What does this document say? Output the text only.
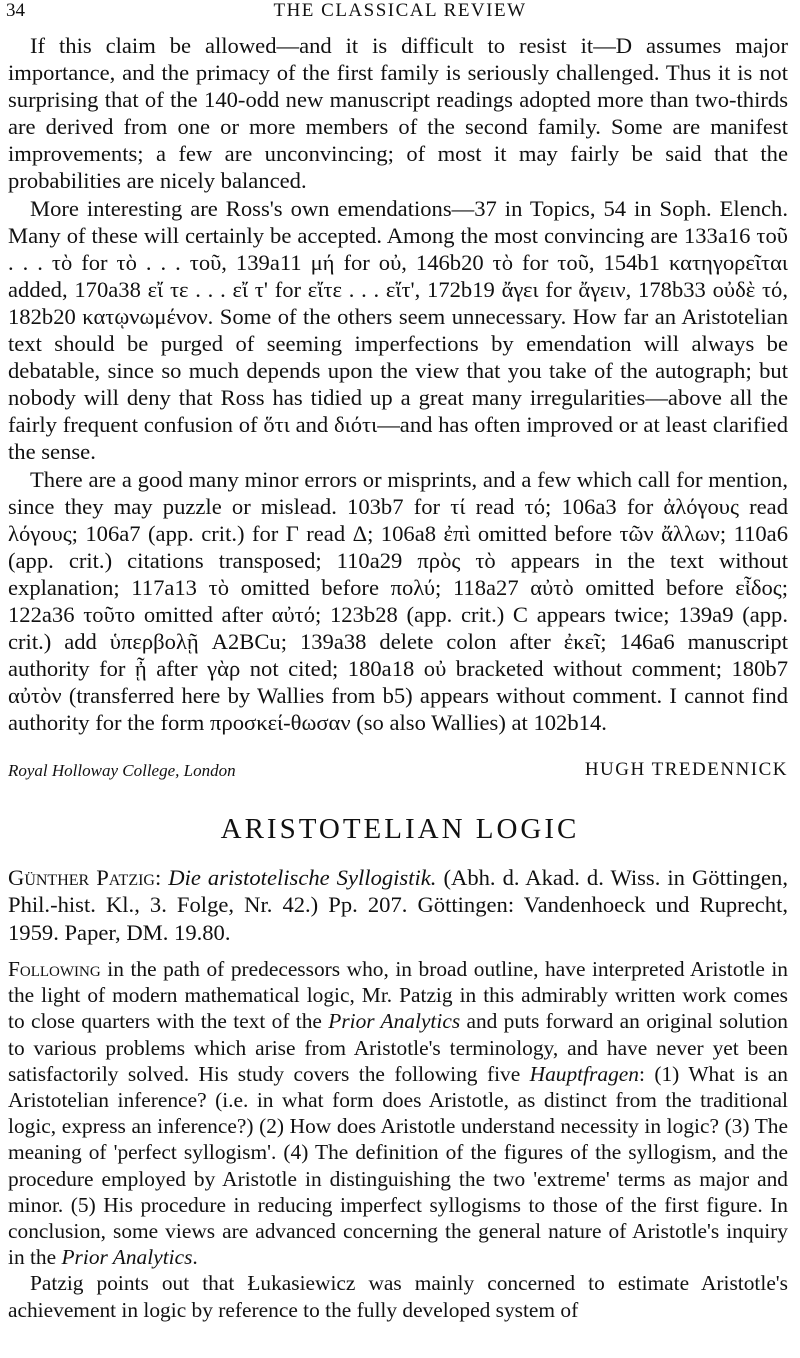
34	THE CLASSICAL REVIEW

If this claim be allowed—and it is difficult to resist it—D assumes major importance, and the primacy of the first family is seriously challenged. Thus it is not surprising that of the 140-odd new manuscript readings adopted more than two-thirds are derived from one or more members of the second family. Some are manifest improvements; a few are unconvincing; of most it may fairly be said that the probabilities are nicely balanced.

More interesting are Ross's own emendations—37 in Topics, 54 in Soph. Elench. Many of these will certainly be accepted. Among the most convincing are 133a16 τοῦ . . . τὸ for τὸ . . . τοῦ, 139a11 μή for οὐ, 146b20 τὸ for τοῦ, 154b1 κατηγορεῖται added, 170a38 εἴ τε . . . εἴ τ' for εἴτε . . . εἴτ', 172b19 ἄγει for ἄγειν, 178b33 οὐδὲ τό, 182b20 κατῳνωμένον. Some of the others seem unnecessary. How far an Aristotelian text should be purged of seeming imperfections by emendation will always be debatable, since so much depends upon the view that you take of the autograph; but nobody will deny that Ross has tidied up a great many irregularities—above all the fairly frequent confusion of ὅτι and διότι—and has often improved or at least clarified the sense.

There are a good many minor errors or misprints, and a few which call for mention, since they may puzzle or mislead. 103b7 for τί read τό; 106a3 for ἀλόγους read λόγους; 106a7 (app. crit.) for Γ read Δ; 106a8 ἐπὶ omitted before τῶν ἄλλων; 110a6 (app. crit.) citations transposed; 110a29 πρὸς τὸ appears in the text without explanation; 117a13 τὸ omitted before πολύ; 118a27 αὐτὸ omitted before εἶδος; 122a36 τοῦτο omitted after αὐτό; 123b28 (app. crit.) C appears twice; 139a9 (app. crit.) add ὑπερβολῇ A2BCu; 139a38 delete colon after ἐκεῖ; 146a6 manuscript authority for ᾖ after γὰρ not cited; 180a18 οὐ bracketed without comment; 180b7 αὐτὸν (transferred here by Wallies from b5) appears without comment. I cannot find authority for the form προσκεί-θωσαν (so also Wallies) at 102b14.

Royal Holloway College, London	HUGH TREDENNICK
ARISTOTELIAN LOGIC
Günther Patzig: Die aristotelische Syllogistik. (Abh. d. Akad. d. Wiss. in Göttingen, Phil.-hist. Kl., 3. Folge, Nr. 42.) Pp. 207. Göttingen: Vandenhoeck und Ruprecht, 1959. Paper, DM. 19.80.

Following in the path of predecessors who, in broad outline, have interpreted Aristotle in the light of modern mathematical logic, Mr. Patzig in this admirably written work comes to close quarters with the text of the Prior Analytics and puts forward an original solution to various problems which arise from Aristotle's terminology, and have never yet been satisfactorily solved. His study covers the following five Hauptfragen: (1) What is an Aristotelian inference? (i.e. in what form does Aristotle, as distinct from the traditional logic, express an inference?) (2) How does Aristotle understand necessity in logic? (3) The meaning of 'perfect syllogism'. (4) The definition of the figures of the syllogism, and the procedure employed by Aristotle in distinguishing the two 'extreme' terms as major and minor. (5) His procedure in reducing imperfect syllogisms to those of the first figure. In conclusion, some views are advanced concerning the general nature of Aristotle's inquiry in the Prior Analytics.

Patzig points out that Łukasiewicz was mainly concerned to estimate Aristotle's achievement in logic by reference to the fully developed system of
